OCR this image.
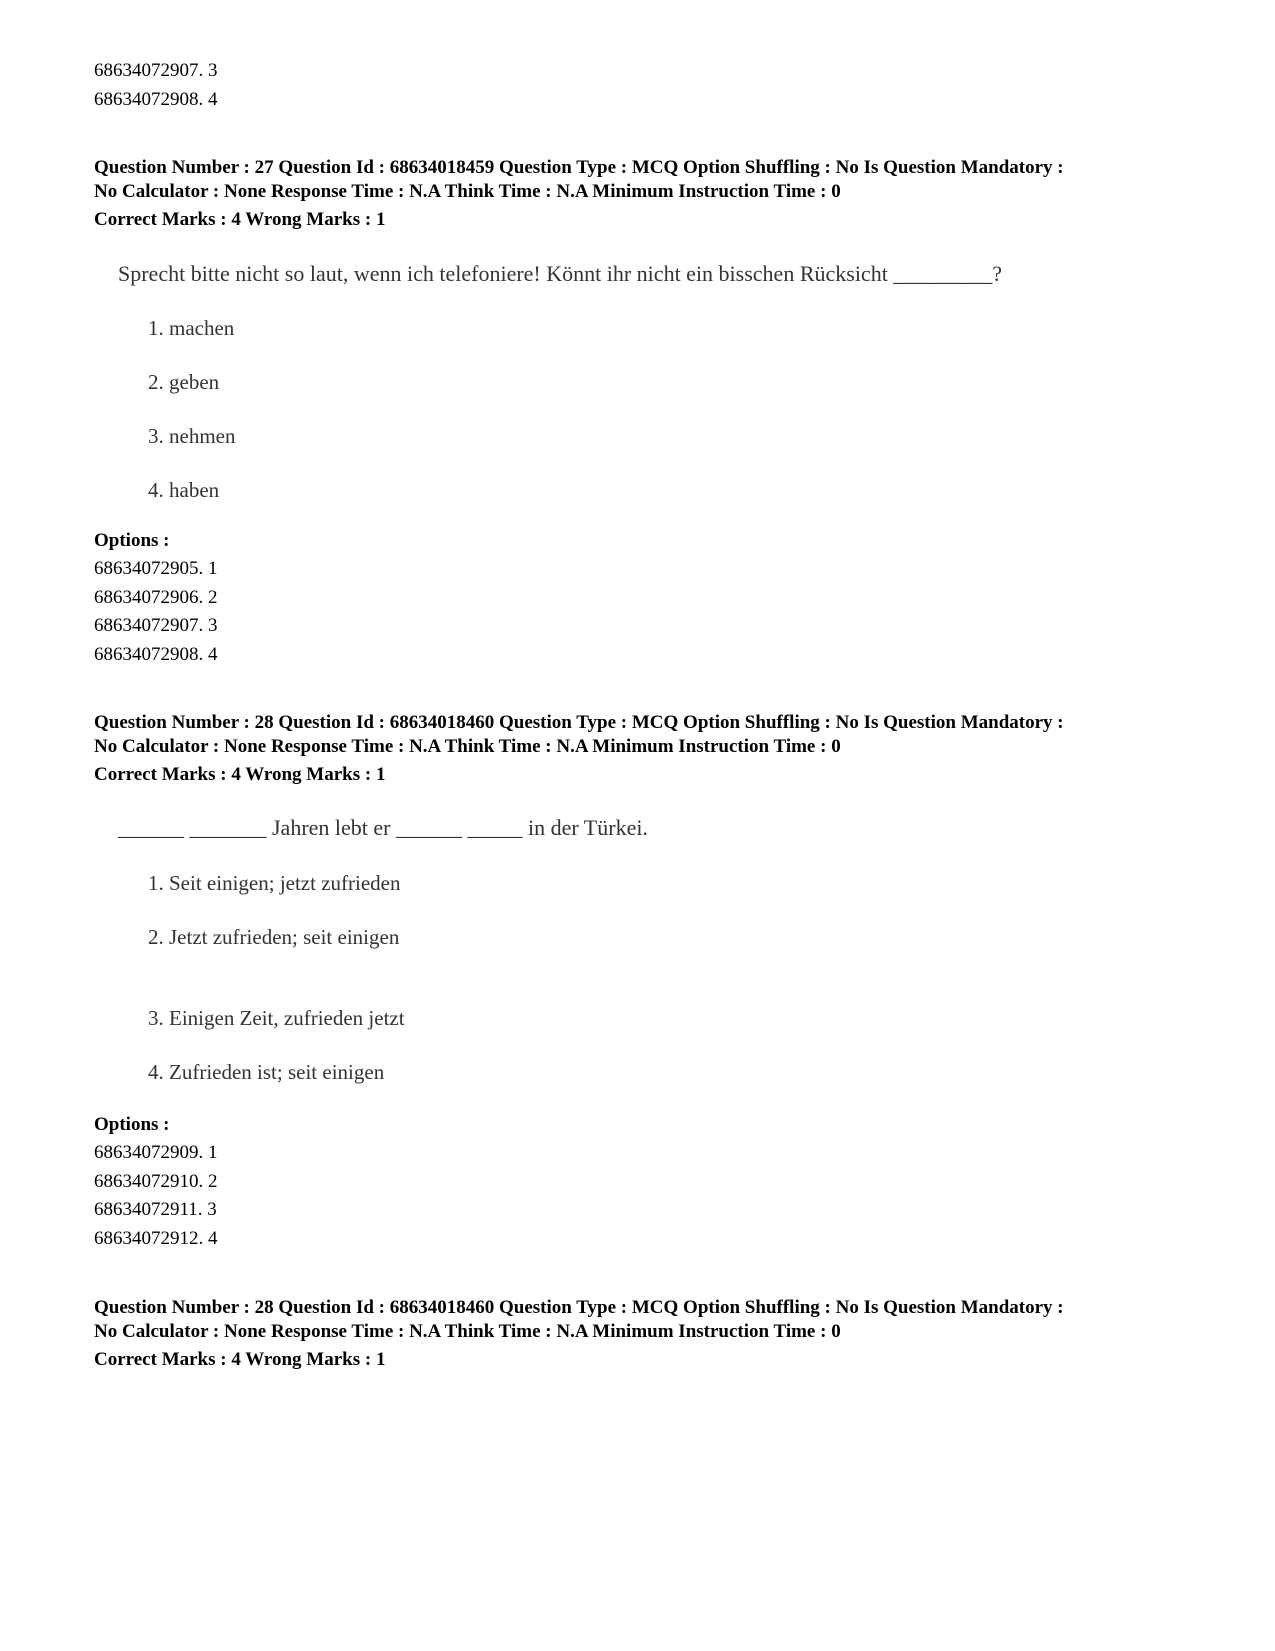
68634072907. 3
68634072908. 4
Question Number : 27 Question Id : 68634018459 Question Type : MCQ Option Shuffling : No Is Question Mandatory :
No Calculator : None Response Time : N.A Think Time : N.A Minimum Instruction Time : 0
Correct Marks : 4 Wrong Marks : 1
Sprecht bitte nicht so laut, wenn ich telefoniere! Könnt ihr nicht ein bisschen Rücksicht _________?
1. machen
2. geben
3. nehmen
4. haben
Options :
68634072905. 1
68634072906. 2
68634072907. 3
68634072908. 4
Question Number : 28 Question Id : 68634018460 Question Type : MCQ Option Shuffling : No Is Question Mandatory :
No Calculator : None Response Time : N.A Think Time : N.A Minimum Instruction Time : 0
Correct Marks : 4 Wrong Marks : 1
______ _______ Jahren lebt er ______ _____ in der Türkei.
1. Seit einigen; jetzt zufrieden
2. Jetzt zufrieden; seit einigen
3. Einigen Zeit, zufrieden jetzt
4. Zufrieden ist; seit einigen
Options :
68634072909. 1
68634072910. 2
68634072911. 3
68634072912. 4
Question Number : 28 Question Id : 68634018460 Question Type : MCQ Option Shuffling : No Is Question Mandatory :
No Calculator : None Response Time : N.A Think Time : N.A Minimum Instruction Time : 0
Correct Marks : 4 Wrong Marks : 1
